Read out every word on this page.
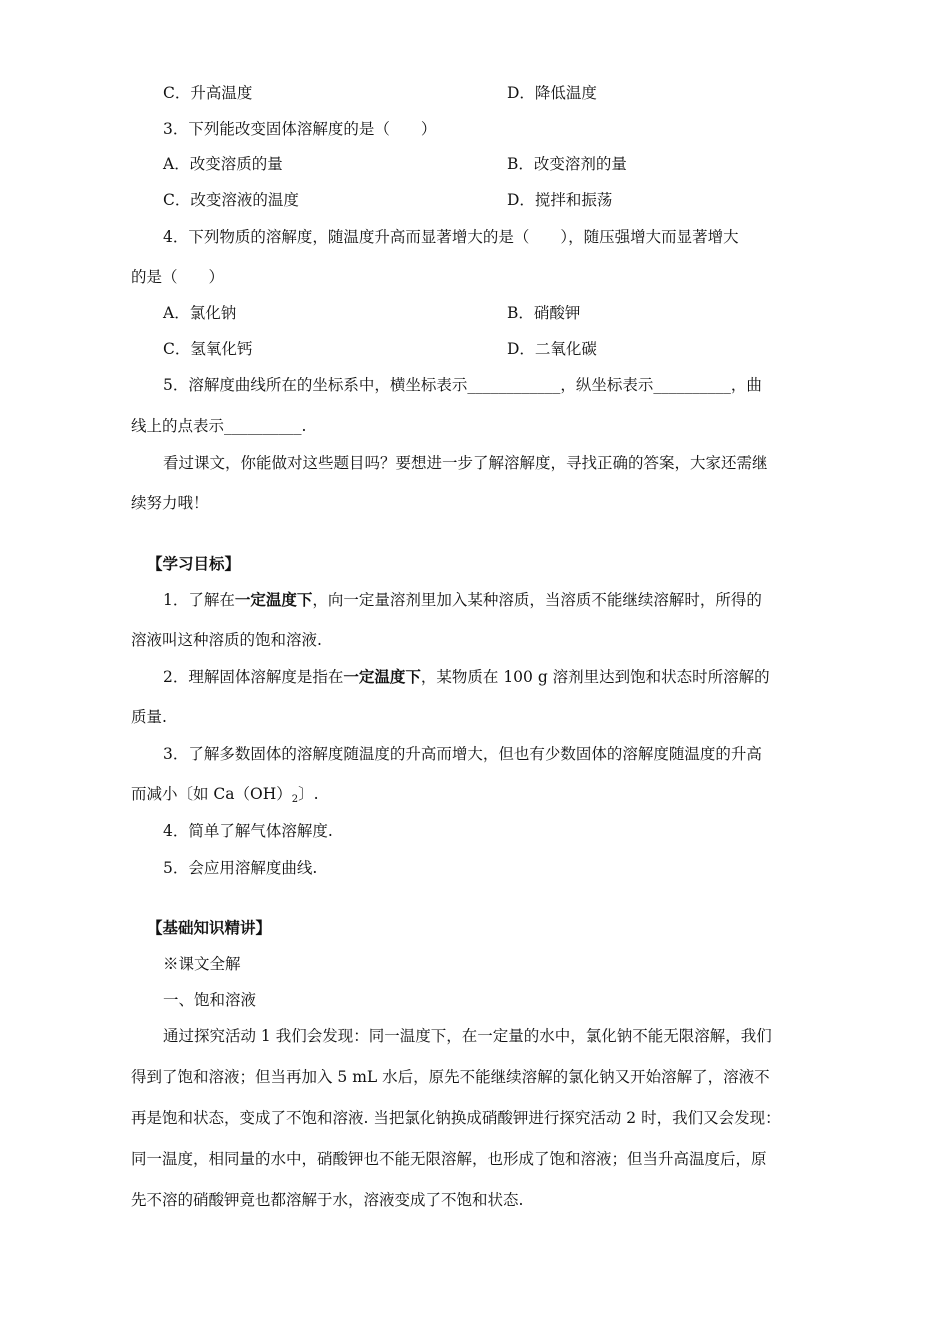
C．升高温度	D．降低温度
3．下列能改变固体溶解度的是（　　）
A．改变溶质的量	B．改变溶剂的量
C．改变溶液的温度	D．搅拌和振荡
4．下列物质的溶解度，随温度升高而显著增大的是（　　），随压强增大而显著增大
的是（　　）
A．氯化钠	B．硝酸钾
C．氢氧化钙	D．二氧化碳
5．溶解度曲线所在的坐标系中，横坐标表示____________，纵坐标表示__________，曲
线上的点表示__________.
看过课文，你能做对这些题目吗？要想进一步了解溶解度，寻找正确的答案，大家还需继
续努力哦！
【学习目标】
1．了解在一定温度下，向一定量溶剂里加入某种溶质，当溶质不能继续溶解时，所得的
溶液叫这种溶质的饱和溶液.
2．理解固体溶解度是指在一定温度下，某物质在 100 g 溶剂里达到饱和状态时所溶解的
质量.
3．了解多数固体的溶解度随温度的升高而增大，但也有少数固体的溶解度随温度的升高
而减小〔如 $Ca(OH)_2$〕.
4．简单了解气体溶解度.
5．会应用溶解度曲线.
【基础知识精讲】
※课文全解
一、饱和溶液
通过探究活动 1 我们会发现：同一温度下，在一定量的水中，氯化钠不能无限溶解，我们
得到了饱和溶液；但当再加入 5 mL 水后，原先不能继续溶解的氯化钠又开始溶解了，溶液不
再是饱和状态，变成了不饱和溶液. 当把氯化钠换成硝酸钾进行探究活动 2 时，我们又会发现：
同一温度，相同量的水中，硝酸钾也不能无限溶解，也形成了饱和溶液；但当升高温度后，原
先不溶的硝酸钾竟也都溶解于水，溶液变成了不饱和状态.
